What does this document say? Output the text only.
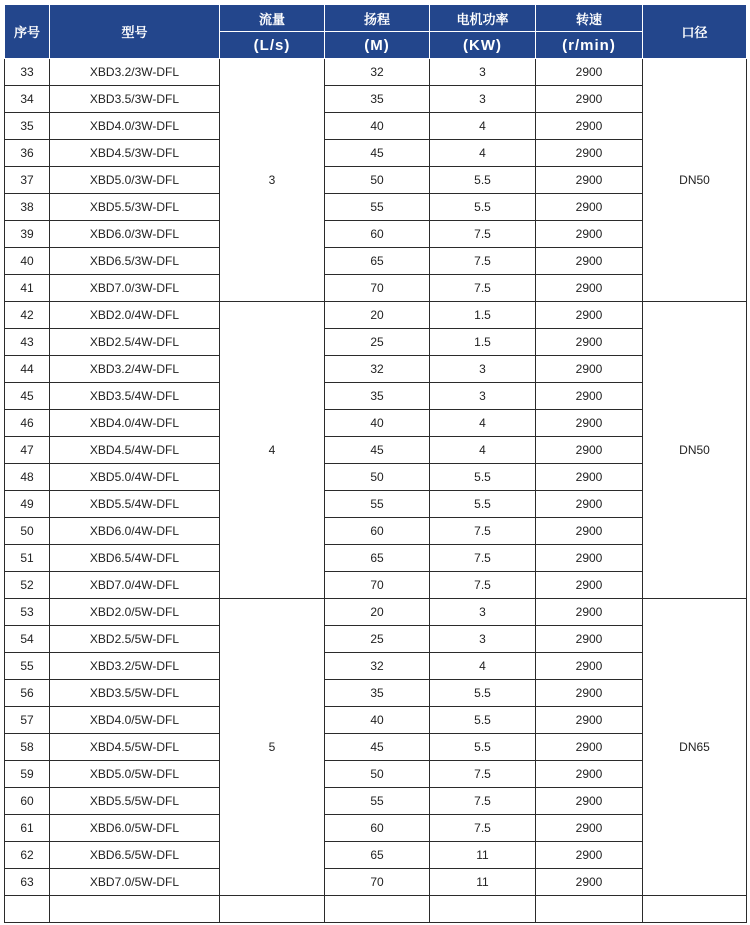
序号	型号	流量	扬程	电机功率	转速	口径
		(L/s)	(M)	(KW)	(r/min)	
33	XBD3.2/3W-DFL	3	32	3	2900	DN50
34	XBD3.5/3W-DFL		35	3	2900	
35	XBD4.0/3W-DFL		40	4	2900	
36	XBD4.5/3W-DFL		45	4	2900	
37	XBD5.0/3W-DFL		50	5.5	2900	
38	XBD5.5/3W-DFL		55	5.5	2900	
39	XBD6.0/3W-DFL		60	7.5	2900	
40	XBD6.5/3W-DFL		65	7.5	2900	
41	XBD7.0/3W-DFL		70	7.5	2900	
42	XBD2.0/4W-DFL	4	20	1.5	2900	DN50
43	XBD2.5/4W-DFL		25	1.5	2900	
44	XBD3.2/4W-DFL		32	3	2900	
45	XBD3.5/4W-DFL		35	3	2900	
46	XBD4.0/4W-DFL		40	4	2900	
47	XBD4.5/4W-DFL		45	4	2900	
48	XBD5.0/4W-DFL		50	5.5	2900	
49	XBD5.5/4W-DFL		55	5.5	2900	
50	XBD6.0/4W-DFL		60	7.5	2900	
51	XBD6.5/4W-DFL		65	7.5	2900	
52	XBD7.0/4W-DFL		70	7.5	2900	
53	XBD2.0/5W-DFL	5	20	3	2900	DN65
54	XBD2.5/5W-DFL		25	3	2900	
55	XBD3.2/5W-DFL		32	4	2900	
56	XBD3.5/5W-DFL		35	5.5	2900	
57	XBD4.0/5W-DFL		40	5.5	2900	
58	XBD4.5/5W-DFL		45	5.5	2900	
59	XBD5.0/5W-DFL		50	7.5	2900	
60	XBD5.5/5W-DFL		55	7.5	2900	
61	XBD6.0/5W-DFL		60	7.5	2900	
62	XBD6.5/5W-DFL		65	11	2900	
63	XBD7.0/5W-DFL		70	11	2900	
